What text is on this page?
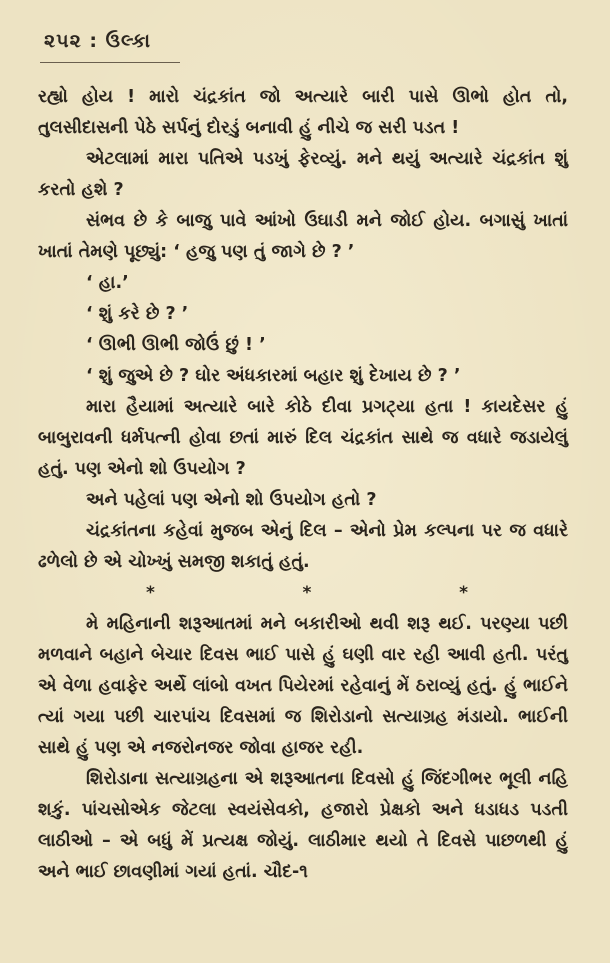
૨૫૨ : ઉલ્કા

રહ્યો હોય ! મારો ચંદ્રકાંત જો અત્યારે બારી પાસે ઊભો હોત તો, તુલસીદાસની પેઠે સર્પનું દોરડું બનાવી હું નીચે જ સરી પડત !

એટલામાં મારા પતિએ પડખું ફેરવ્યું. મને થયું અત્યારે ચંદ્રકાંત શું કરતો હશે ?

સંભવ છે કે બાજુ પાવે આંખો ઉઘાડી મને જોઈ હોય. બગાસું ખાતાં ખાતાં તેમણે પૂછ્યું: ‘ હજુ પણ તું જાગે છે ? ’

‘ હા.’

‘ શું કરે છે ? ’

‘ ઊભી ઊભી જોઉં છું ! ’

‘ શું જુએ છે ? ઘોર અંધકારમાં બહાર શું દેખાય છે ? ’

મારા હૈયામાં અત્યારે બારે કોઠે દીવા પ્રગટ્યા હતા ! કાયદેસર હું બાબુરાવની ધર્મપત્ની હોવા છતાં મારું દિલ ચંદ્રકાંત સાથે જ વધારે જડાયેલું હતું. પણ એનો શો ઉપયોગ ?

અને પહેલાં પણ એનો શો ઉપયોગ હતો ?

ચંદ્રકાંતના કહેવાં મુજબ એનું દિલ – એનો પ્રેમ કલ્પના પર જ વધારે ઢળેલો છે એ ચોખ્ખું સમજી શકાતું હતું.

*	*	*

મે મહિનાની શરૂઆતમાં મને બકારીઓ થવી શરૂ થઈ. પરણ્યા પછી મળવાને બહાને બેચાર દિવસ ભાઈ પાસે હું ઘણી વાર રહી આવી હતી. પરંતુ એ વેળા હવાફેર અર્થે લાંબો વખત પિયેરમાં રહેવાનું મેં ઠરાવ્યું હતું. હું ભાઈને ત્યાં ગયા પછી ચારપાંચ દિવસમાં જ શિરોડાનો સત્યાગ્રહ મંડાયો. ભાઈની સાથે હું પણ એ નજરોનજર જોવા હાજર રહી.

શિરોડાના સત્યાગ્રહના એ શરૂઆતના દિવસો હું જિંદગીભર ભૂલી નહિ શકું. પાંચસોએક જેટલા સ્વયંસેવકો, હજારો પ્રેક્ષકો અને ધડાધડ પડતી લાઠીઓ – એ બધું મેં પ્રત્યક્ષ જોયું. લાઠીમાર થયો તે દિવસે પાછળથી હું અને ભાઈ છાવણીમાં ગયાં હતાં. ચૌદ-૧
